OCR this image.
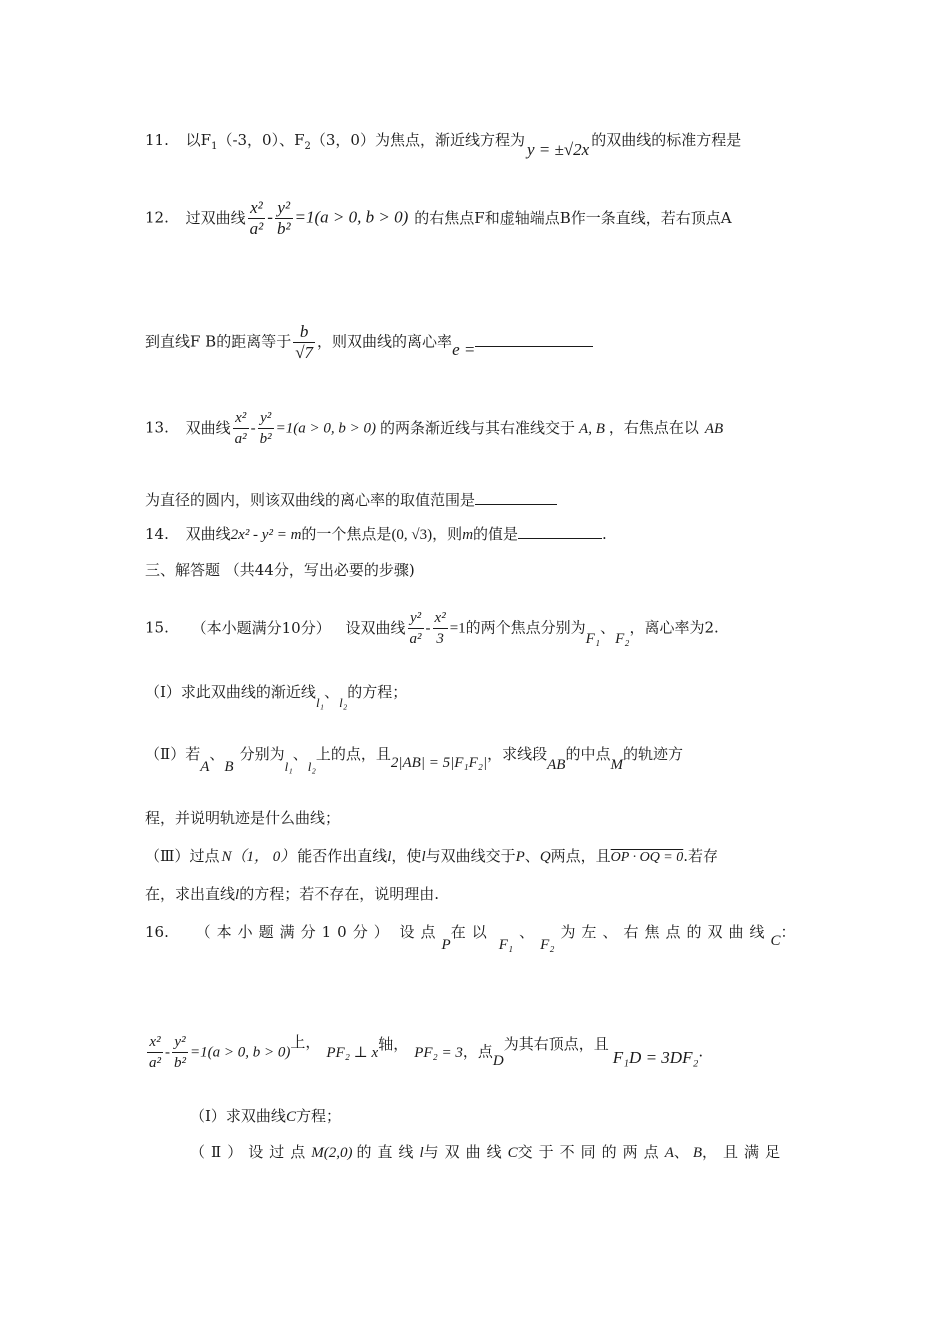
11. 以$F_1(-3$，0）、$F_2(3$，0）为焦点，渐近线方程为 y = ±√2x 的双曲线的标准方程是
12. 过双曲线 $\frac{\text{x²}}{\text{a²}} - \frac{\text{y²}}{\text{b²}} =1(a > 0$, b > 0) 的右焦点F和虚轴端点B作一条直线，若右顶点A
到直线F B的距离等于 $\frac{b}{√7}$ ，则双曲线的离心率e =
13. 双曲线 $\frac{\text{x²}}{\text{a²}} - \frac{\text{y²}}{\text{b²}} =1(a > 0$, b > 0) 的两条渐近线与其右准线交于 A, B ，右焦点在以 AB
为直径的圆内，则该双曲线的离心率的取值范围是
14. 双曲线2x² - y² = m的一个焦点是(0, √3)，则m的值是	.
三、解答题 （共44分，写出必要的步骤)
15. （本小题满分10分） 设双曲线 $\frac{\text{y²}}{\text{a²}} - \frac{\text{x²}}{3} =1$的两个焦点分别为F₁、F₂，离心率为2.
（Ⅰ）求此双曲线的渐近线l₁、l₂的方程；
（Ⅱ）若A、B分别为l₁、l₂上的点，且2|AB| = 5|F₁F₂|，求线段AB的中点M的轨迹方
程，并说明轨迹是什么曲线；
（Ⅲ）过点 N（1， 0） 能否作出直线l，使l与双曲线交于P、Q两点，且OP · OQ = 0.若存
在，求出直线l的方程；若不存在，说明理由.
16. （本小题满分10分） 设点P在以F₁、F₂为左、右焦点的双曲线C：
$\frac{\text{x²}}{\text{a²}} - \frac{\text{y²}}{\text{b²}} =1(a > 0$, b > 0)上，PF₂ ⊥ x轴， PF₂ = 3，点D为其右顶点，且F₁D = 3DF₂.
（Ⅰ）求双曲线C方程；
（Ⅱ）设过点M(2,0) 的直线l与双曲线C交于不同的两点A、 B，且满足
